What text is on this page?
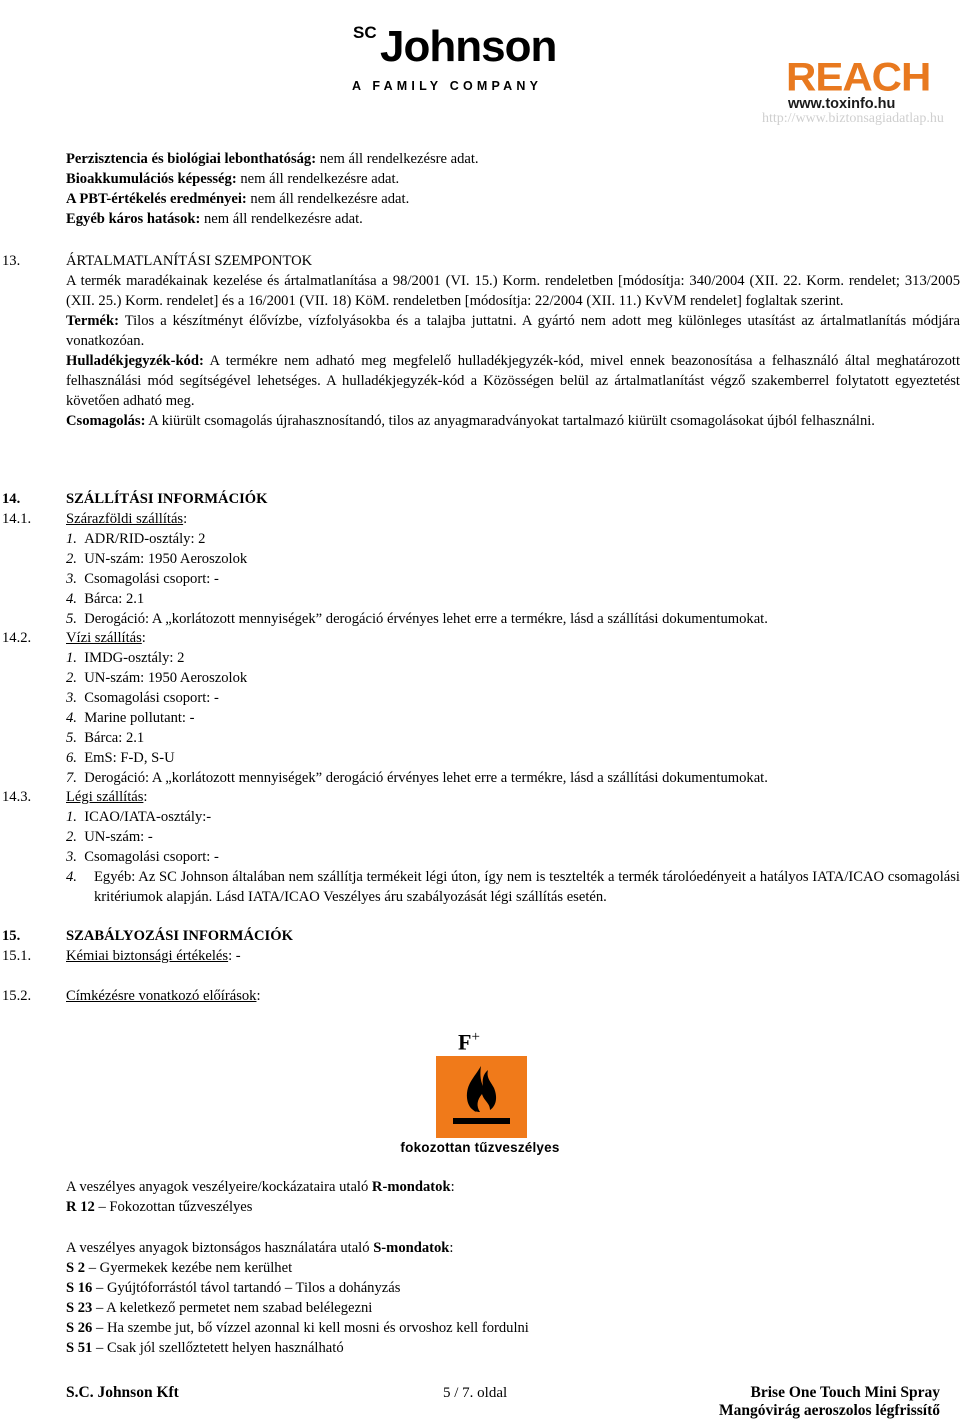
Elkészítés időpontja: 2010. június 14.
Felülvizsgálat időpontja: -	SC Johnson
A FAMILY COMPANY	REACH
www.toxinfo.hu
http://www.biztonsagiadatlap.hu
Perzisztencia és biológiai lebonthatóság: nem áll rendelkezésre adat.
Bioakkumulációs képesség: nem áll rendelkezésre adat.
A PBT-értékelés eredményei: nem áll rendelkezésre adat.
Egyéb káros hatások: nem áll rendelkezésre adat.
13.	ÁRTALMATLANÍTÁSI SZEMPONTOK

A termék maradékainak kezelése és ártalmatlanítása a 98/2001 (VI. 15.) Korm. rendeletben [módosítja: 340/2004 (XII. 22. Korm. rendelet; 313/2005 (XII. 25.) Korm. rendelet] és a 16/2001 (VII. 18) KöM. rendeletben [módosítja: 22/2004 (XII. 11.) KvVM rendelet] foglaltak szerint.

Termék: Tilos a készítményt élővízbe, vízfolyásokba és a talajba juttatni. A gyártó nem adott meg különleges utasítást az ártalmatlanítás módjára vonatkozóan.

Hulladékjegyzék-kód: A termékre nem adható meg megfelelő hulladékjegyzék-kód, mivel ennek beazonosítása a felhasználó által meghatározott felhasználási mód segítségével lehetséges. A hulladékjegyzék-kód a Közösségen belül az ártalmatlanítást végző szakemberrel folytatott egyeztetést követően adható meg.

Csomagolás: A kiürült csomagolás újrahasznosítandó, tilos az anyagmaradványokat tartalmazó kiürült csomagolásokat újból felhasználni.

14.	SZÁLLÍTÁSI INFORMÁCIÓK
14.1. Szárazföldi szállítás:
1. ADR/RID-osztály: 2
2. UN-szám: 1950 Aeroszolok
3. Csomagolási csoport: -
4. Bárca: 2.1
5. Derogáció: A „korlátozott mennyiségek” derogáció érvényes lehet erre a termékre, lásd a szállítási dokumentumokat.
14.2. Vízi szállítás:
1. IMDG-osztály: 2
2. UN-szám: 1950 Aeroszolok
3. Csomagolási csoport: -
4. Marine pollutant: -
5. Bárca: 2.1
6. EmS: F-D, S-U
7. Derogáció: A „korlátozott mennyiségek” derogáció érvényes lehet erre a termékre, lásd a szállítási dokumentumokat.
14.3. Légi szállítás:
1. ICAO/IATA-osztály:-
2. UN-szám: -
3. Csomagolási csoport: -
4.	Egyéb: Az SC Johnson általában nem szállítja termékeit légi úton, így nem is tesztelték a termék tárolóedényeit a hatályos IATA/ICAO csomagolási kritériumok alapján. Lásd IATA/ICAO Veszélyes áru szabályozását légi szállítás esetén.
15.	SZABÁLYOZÁSI INFORMÁCIÓK
15.1. Kémiai biztonsági értékelés: -
15.2. Címkézésre vonatkozó előírások:
F+
fokozottan tűzveszélyes
A veszélyes anyagok veszélyeire/kockázataira utaló R-mondatok:
R 12 – Fokozottan tűzveszélyes
A veszélyes anyagok biztonságos használatára utaló S-mondatok:
S 2 – Gyermekek kezébe nem kerülhet
S 16 – Gyújtóforrástól távol tartandó – Tilos a dohányzás
S 23 – A keletkező permetet nem szabad belélegezni
S 26 – Ha szembe jut, bő vízzel azonnal ki kell mosni és orvoshoz kell fordulni
S 51 – Csak jól szellőztetett helyen használható
S.C. Johnson Kft	5 / 7. oldal	Brise One Touch Mini Spray
Mangóvirág aeroszolos légfrissítő
